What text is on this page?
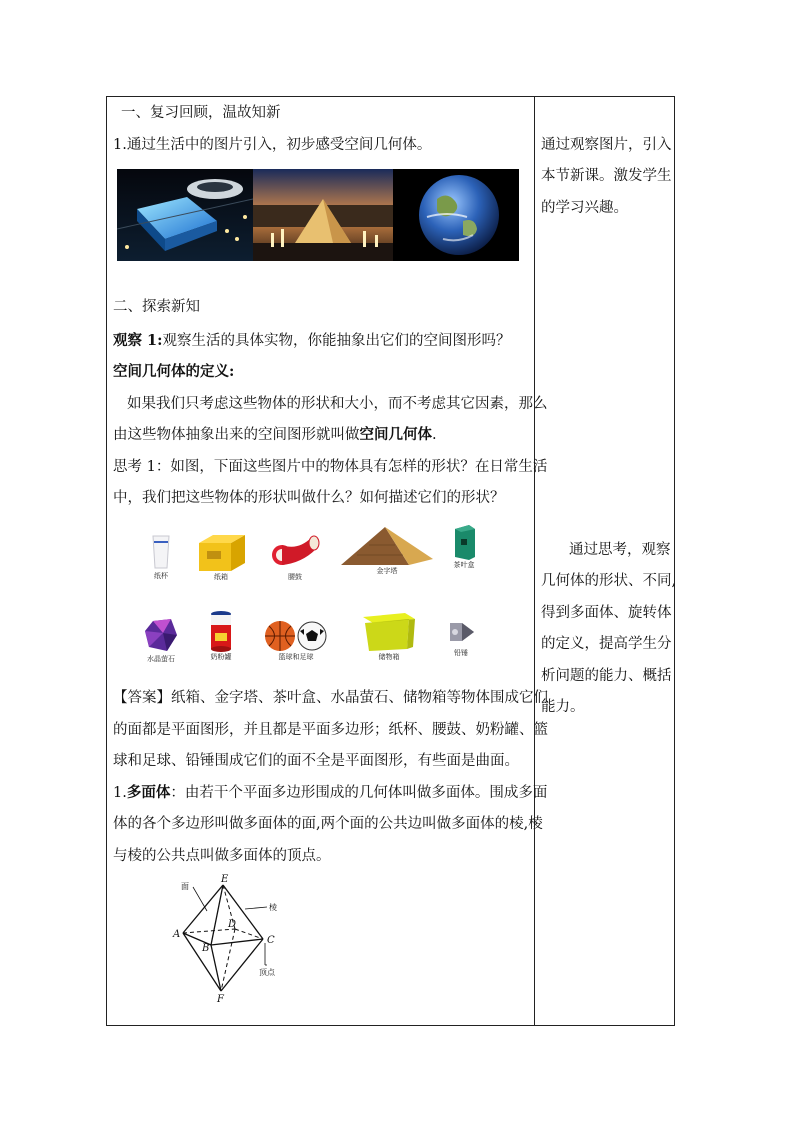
一、复习回顾，温故知新
1.通过生活中的图片引入，初步感受空间几何体。
二、探索新知
观察 1:观察生活的具体实物，你能抽象出它们的空间图形吗？
空间几何体的定义:
如果我们只考虑这些物体的形状和大小，而不考虑其它因素，那么
由这些物体抽象出来的空间图形就叫做空间几何体.
思考 1：如图，下面这些图片中的物体具有怎样的形状？在日常生活
中，我们把这些物体的形状叫做什么？如何描述它们的形状？
纸杯	纸箱	腰鼓
金字塔
茶叶盒
水晶萤石	奶粉罐	篮球和足球	储物箱	铅锤
【答案】纸箱、金字塔、茶叶盒、水晶萤石、储物箱等物体围成它们
的面都是平面图形，并且都是平面多边形；纸杯、腰鼓、奶粉罐、篮
球和足球、铅锤围成它们的面不全是平面图形，有些面是曲面。
1.多面体：由若干个平面多边形围成的几何体叫做多面体。围成多面
体的各个多边形叫做多面体的面,两个面的公共边叫做多面体的棱,棱
与棱的公共点叫做多面体的顶点。
E
A
B
D
C
F
面
棱
顶点
通过观察图片，引入
本节新课。激发学生
的学习兴趣。
通过思考，观察
几何体的形状、不同,
得到多面体、旋转体
的定义，提高学生分
析问题的能力、概括
能力。
